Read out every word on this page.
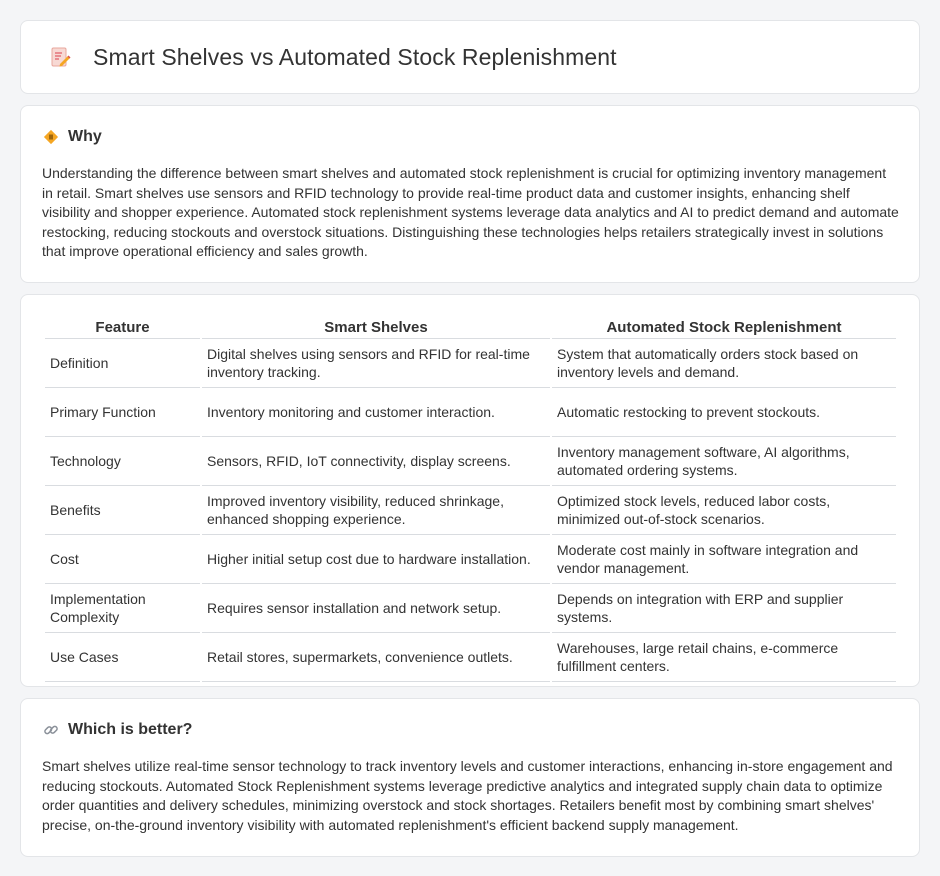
Smart Shelves vs Automated Stock Replenishment
Why

Understanding the difference between smart shelves and automated stock replenishment is crucial for optimizing inventory management in retail. Smart shelves use sensors and RFID technology to provide real-time product data and customer insights, enhancing shelf visibility and shopper experience. Automated stock replenishment systems leverage data analytics and AI to predict demand and automate restocking, reducing stockouts and overstock situations. Distinguishing these technologies helps retailers strategically invest in solutions that improve operational efficiency and sales growth.

Feature	Smart Shelves	Automated Stock Replenishment
Definition	Digital shelves using sensors and RFID for real-time inventory tracking.	System that automatically orders stock based on inventory levels and demand.
Primary Function	Inventory monitoring and customer interaction.	Automatic restocking to prevent stockouts.
Technology	Sensors, RFID, IoT connectivity, display screens.	Inventory management software, AI algorithms, automated ordering systems.
Benefits	Improved inventory visibility, reduced shrinkage, enhanced shopping experience.	Optimized stock levels, reduced labor costs, minimized out-of-stock scenarios.
Cost	Higher initial setup cost due to hardware installation.	Moderate cost mainly in software integration and vendor management.
Implementation Complexity	Requires sensor installation and network setup.	Depends on integration with ERP and supplier systems.
Use Cases	Retail stores, supermarkets, convenience outlets.	Warehouses, large retail chains, e-commerce fulfillment centers.
Which is better?

Smart shelves utilize real-time sensor technology to track inventory levels and customer interactions, enhancing in-store engagement and reducing stockouts. Automated Stock Replenishment systems leverage predictive analytics and integrated supply chain data to optimize order quantities and delivery schedules, minimizing overstock and stock shortages. Retailers benefit most by combining smart shelves' precise, on-the-ground inventory visibility with automated replenishment's efficient backend supply management.
